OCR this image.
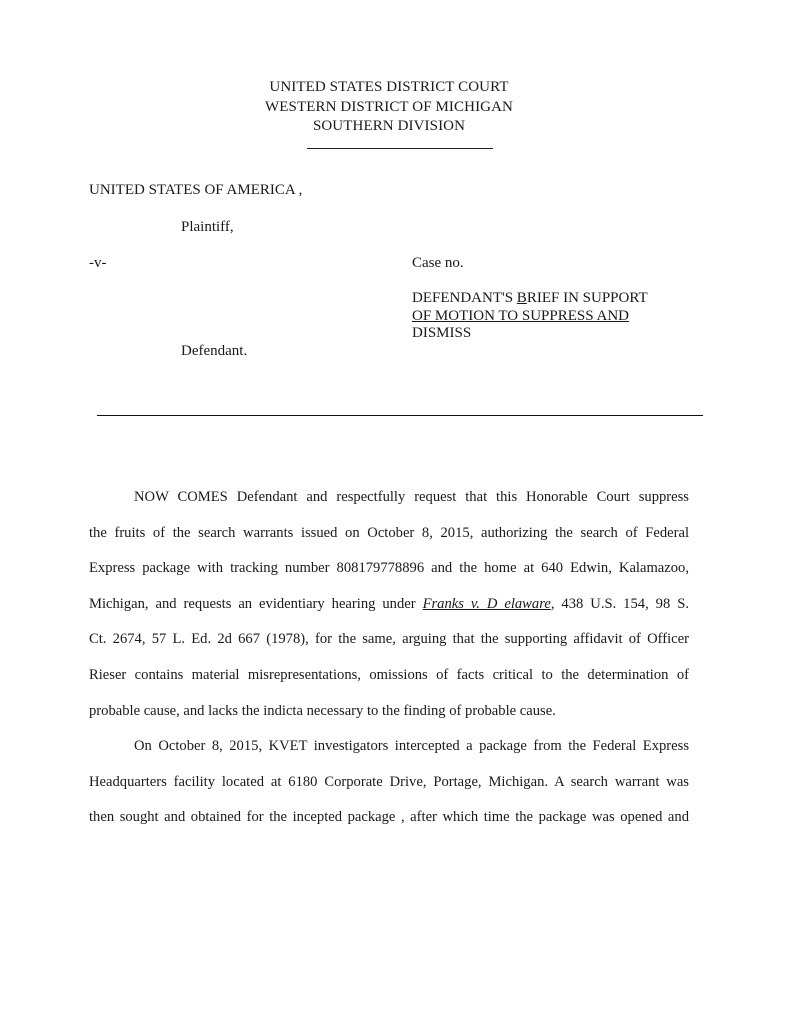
UNITED STATES DISTRICT COURT
WESTERN DISTRICT OF MICHIGAN
SOUTHERN DIVISION
UNITED STATES OF AMERICA ,
Plaintiff,
-v-
Defendant.
Case no.
DEFENDANT'S BRIEF IN SUPPORT
OF MOTION TO SUPPRESS AND
DISMISS
NOW COMES Defendant and respectfully request that this Honorable Court suppress
the fruits of the search warrants issued on October 8, 2015, authorizing the search of Federal
Express package with tracking number 808179778896 and the home at 640 Edwin, Kalamazoo,
Michigan, and requests an evidentiary hearing under Franks v. D elaware, 438 U.S. 154, 98 S.
Ct. 2674, 57 L. Ed. 2d 667 (1978), for the same, arguing that the supporting affidavit of Officer
Rieser contains material misrepresentations, omissions of facts critical to the determination of
probable cause, and lacks the indicta necessary to the finding of probable cause.
On October 8, 2015, KVET investigators intercepted a package from the Federal Express
Headquarters facility located at 6180 Corporate Drive, Portage, Michigan. A search warrant was
then sought and obtained for the incepted package , after which time the package was opened and
